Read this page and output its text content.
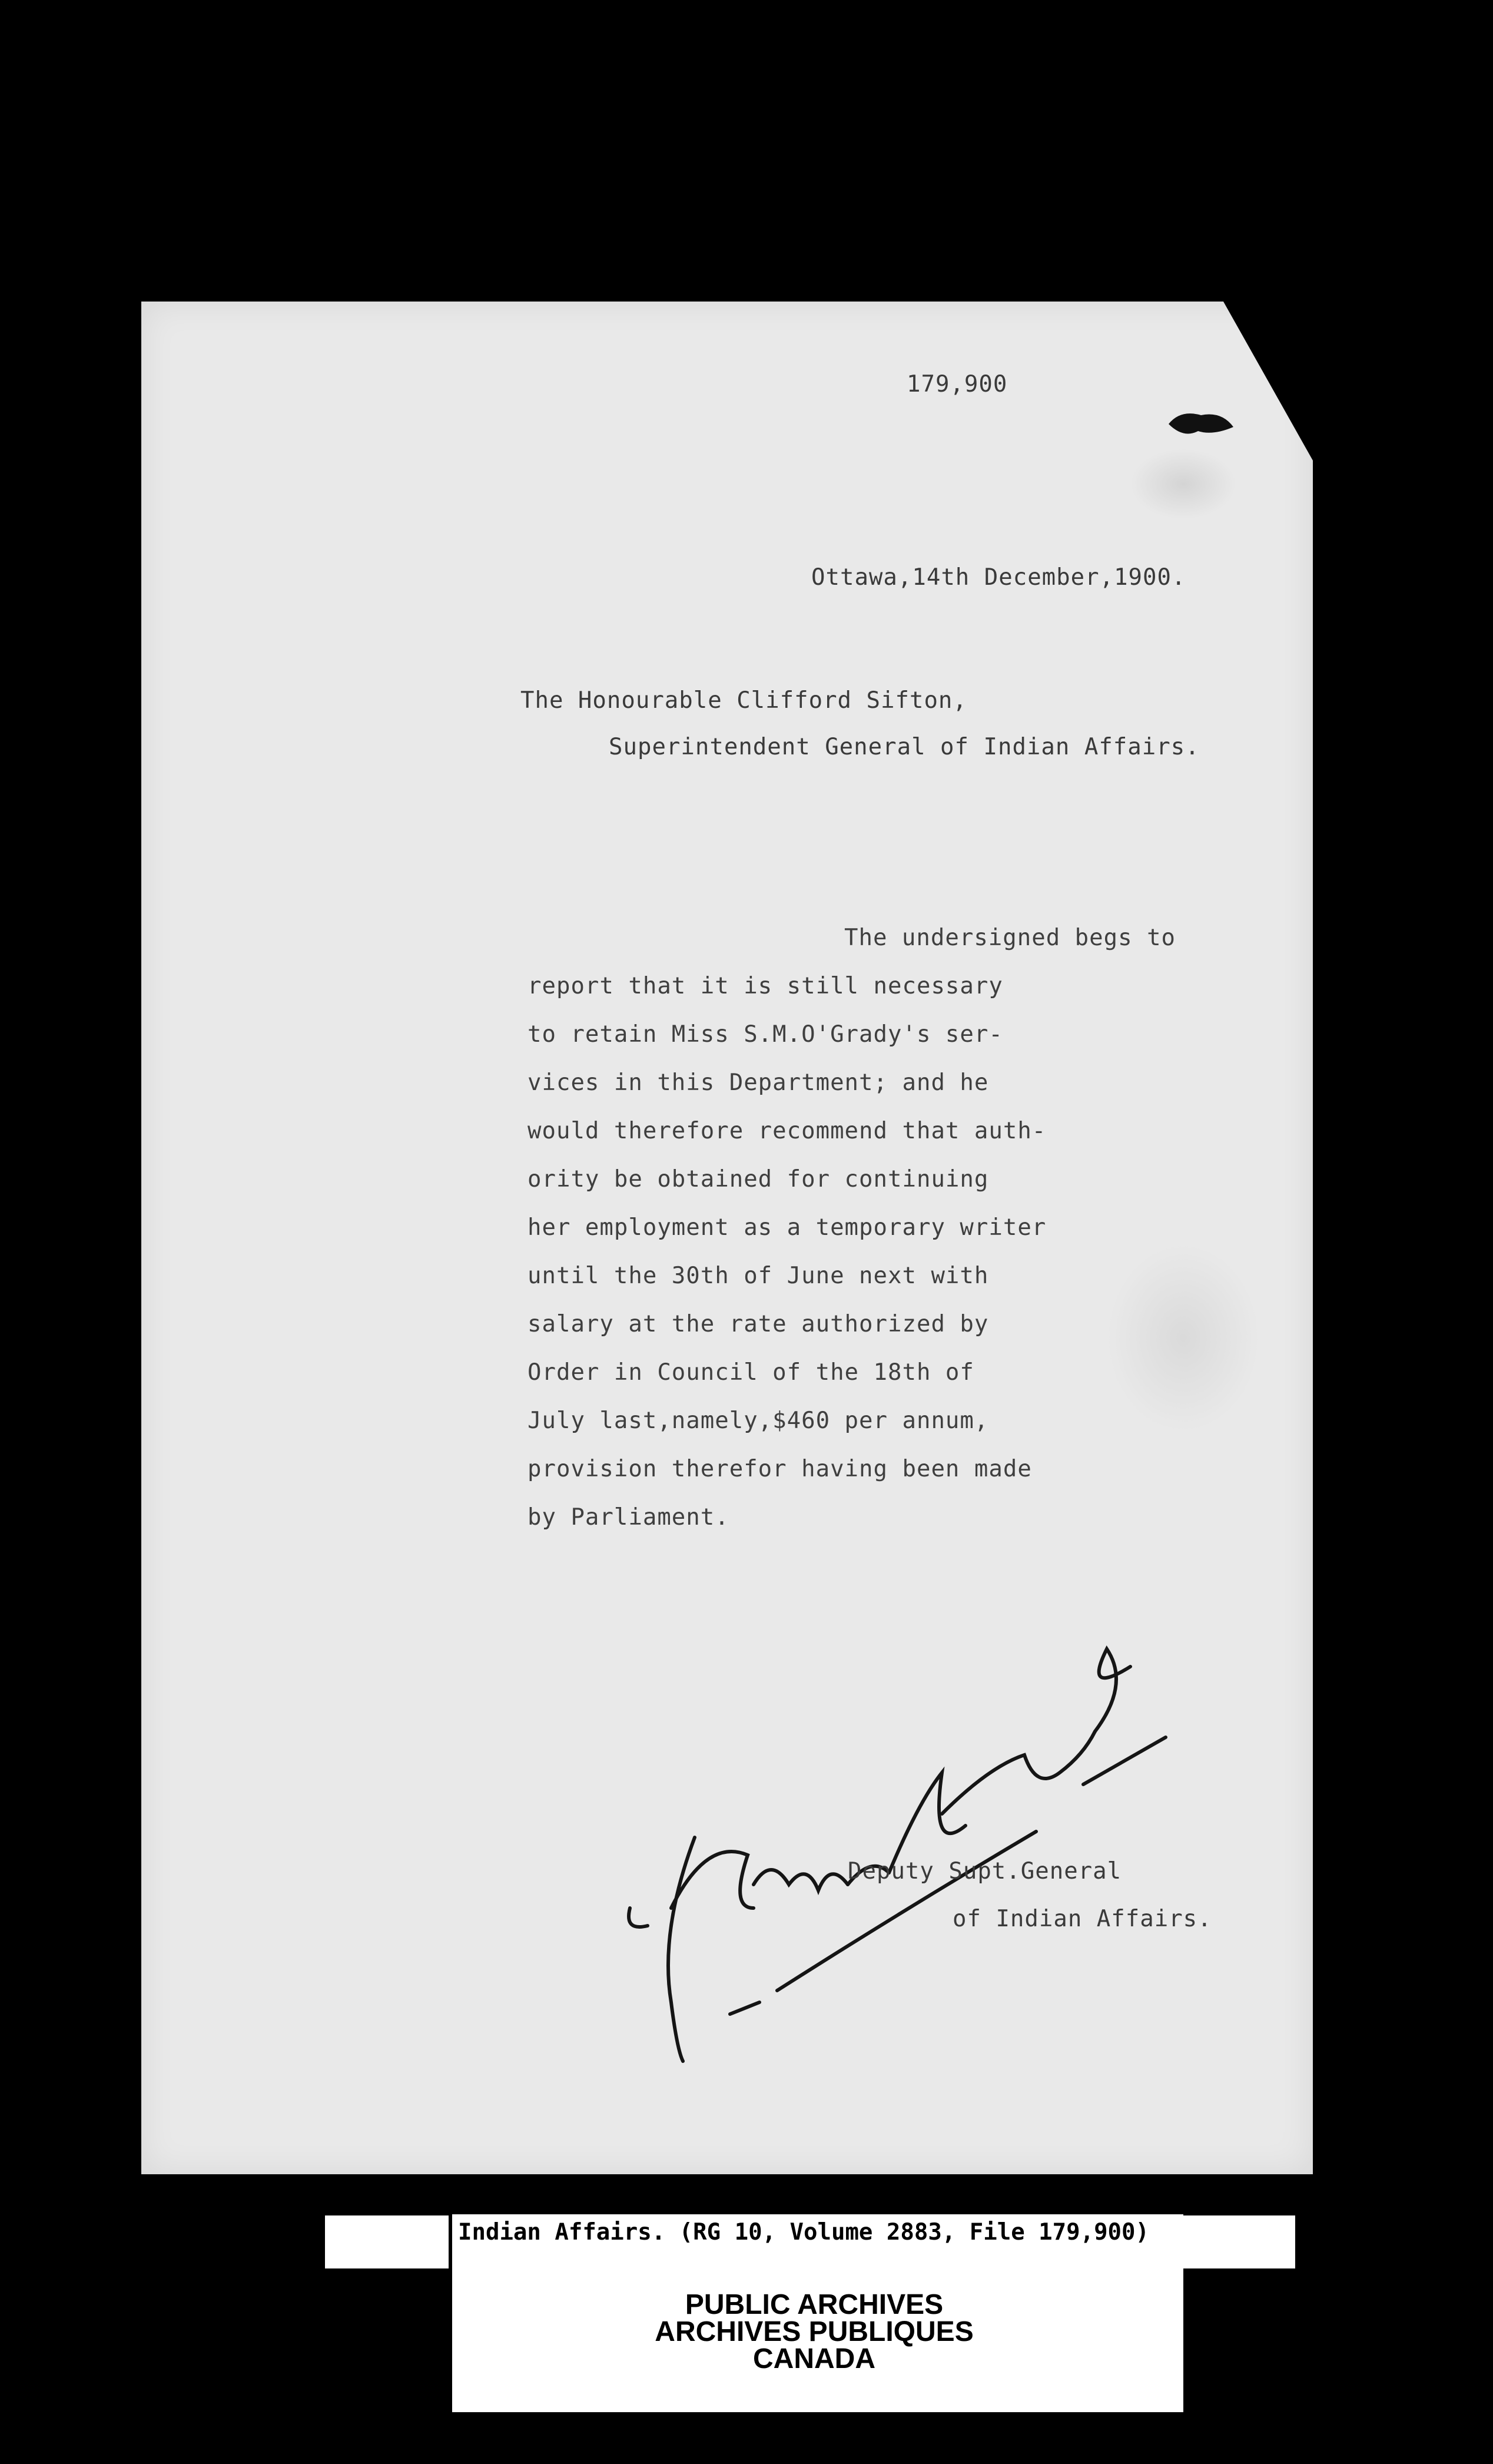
179,900
Ottawa,14th December,1900.
The Honourable Clifford Sifton,
Superintendent General of Indian Affairs.
The undersigned begs to
report that it is still necessary
to retain Miss S.M.O'Grady's ser-
vices in this Department; and he
would therefore recommend that auth-
ority be obtained for continuing
her employment as a temporary writer
until the 30th of June next with
salary at the rate authorized by
Order in Council of the 18th of
July last,namely,$460 per annum,
provision therefor having been made
by Parliament.
Sd/ James A. Smart
Deputy Supt.General
of Indian Affairs.
Indian Affairs. (RG 10, Volume 2883, File 179,900)
PUBLIC ARCHIVES
ARCHIVES PUBLIQUES
CANADA
